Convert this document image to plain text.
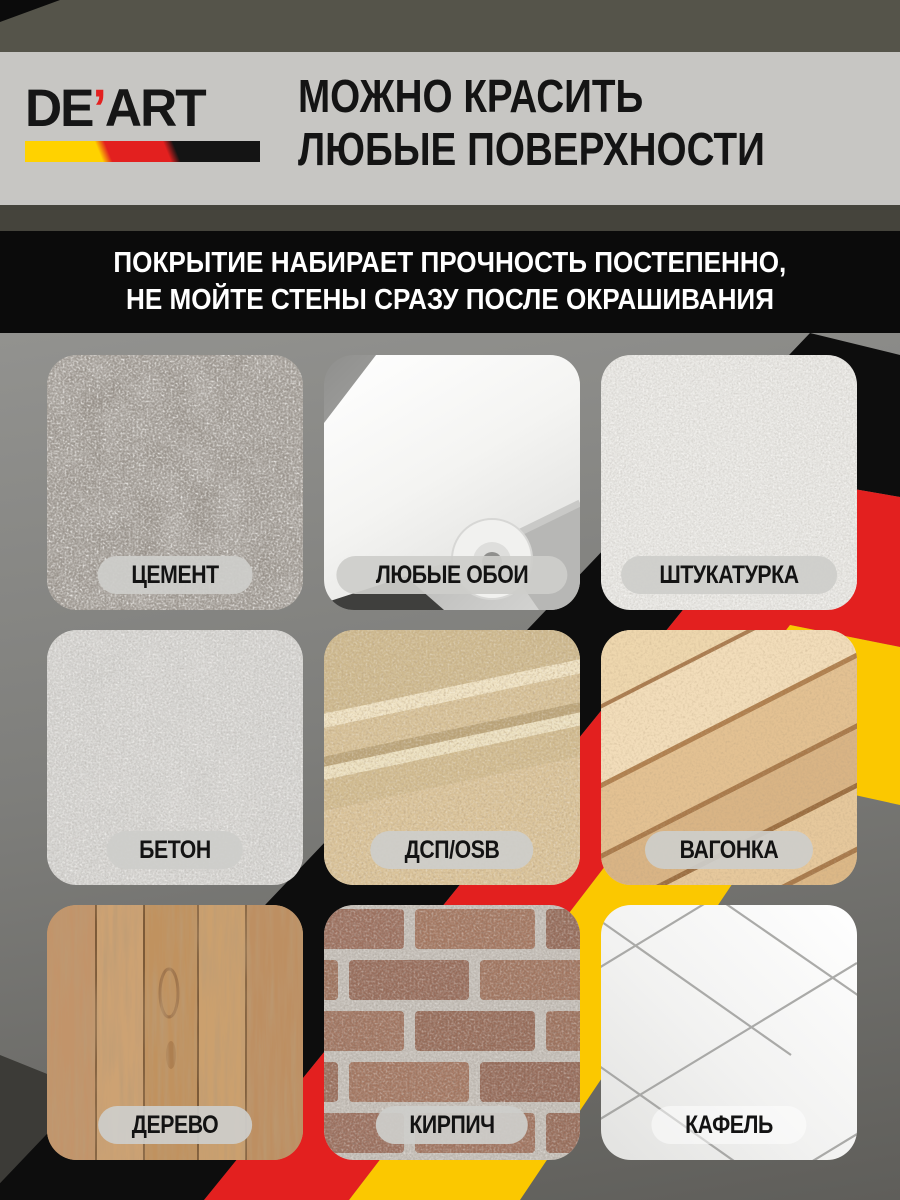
DE’ART	МОЖНО КРАСИТЬ
ЛЮБЫЕ ПОВЕРХНОСТИ
ПОКРЫТИЕ НАБИРАЕТ ПРОЧНОСТЬ ПОСТЕПЕННО,
НЕ МОЙТЕ СТЕНЫ СРАЗУ ПОСЛЕ ОКРАШИВАНИЯ
ЦЕМЕНТ	ЛЮБЫЕ ОБОИ	ШТУКАТУРКА
БЕТОН	ДСП/OSB	ВАГОНКА
ДЕРЕВО	КИРПИЧ	КАФЕЛЬ
